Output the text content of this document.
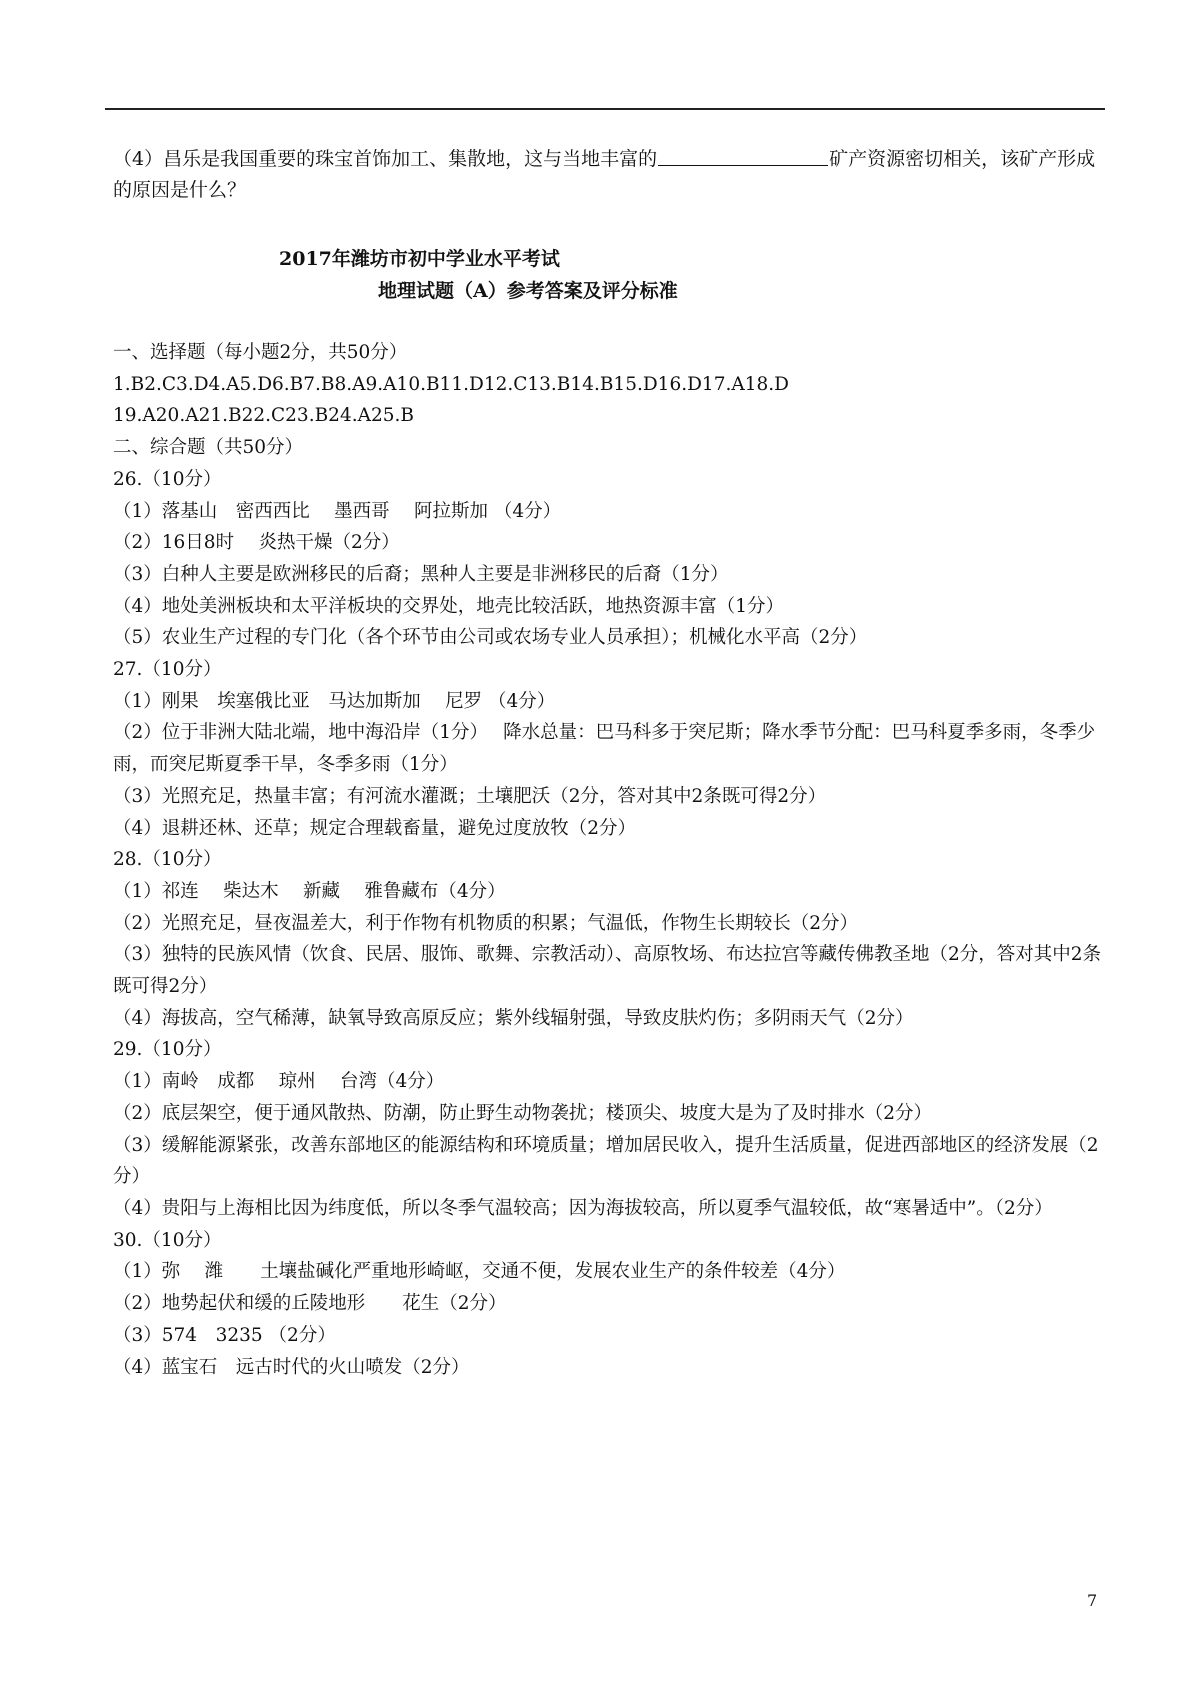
（4）昌乐是我国重要的珠宝首饰加工、集散地，这与当地丰富的	矿产资源密切相关，该矿产形成的原因是什么？
2017年潍坊市初中学业水平考试
地理试题（A）参考答案及评分标准
一、选择题（每小题2分，共50分）
1.B2.C3.D4.A5.D6.B7.B8.A9.A10.B11.D12.C13.B14.B15.D16.D17.A18.D
19.A20.A21.B22.C23.B24.A25.B
二、综合题（共50分）
26.（10分）
（1）落基山　密西西比　 墨西哥　 阿拉斯加 （4分）
（2）16日8时　 炎热干燥（2分）
（3）白种人主要是欧洲移民的后裔；黑种人主要是非洲移民的后裔（1分）
（4）地处美洲板块和太平洋板块的交界处，地壳比较活跃，地热资源丰富（1分）
（5）农业生产过程的专门化（各个环节由公司或农场专业人员承担）；机械化水平高（2分）
27.（10分）
（1）刚果　埃塞俄比亚　马达加斯加　 尼罗 （4分）
（2）位于非洲大陆北端，地中海沿岸（1分）　 降水总量：巴马科多于突尼斯；降水季节分配：巴马科夏季多雨，冬季少雨，而突尼斯夏季干旱，冬季多雨（1分）
（3）光照充足，热量丰富；有河流水灌溉；土壤肥沃（2分，答对其中2条既可得2分）
（4）退耕还林、还草；规定合理载畜量，避免过度放牧（2分）
28.（10分）
（1）祁连　 柴达木　 新藏　 雅鲁藏布（4分）
（2）光照充足，昼夜温差大，利于作物有机物质的积累；气温低，作物生长期较长（2分）
（3）独特的民族风情（饮食、民居、服饰、歌舞、宗教活动）、高原牧场、布达拉宫等藏传佛教圣地（2分，答对其中2条既可得2分）
（4）海拔高，空气稀薄，缺氧导致高原反应；紫外线辐射强，导致皮肤灼伤；多阴雨天气（2分）
29.（10分）
（1）南岭　成都　 琼州　 台湾（4分）
（2）底层架空，便于通风散热、防潮，防止野生动物袭扰；楼顶尖、坡度大是为了及时排水（2分）
（3）缓解能源紧张，改善东部地区的能源结构和环境质量；增加居民收入，提升生活质量，促进西部地区的经济发展（2分）
（4）贵阳与上海相比因为纬度低，所以冬季气温较高；因为海拔较高，所以夏季气温较低，故“寒暑适中”。（2分）
30.（10分）
（1）弥　 潍　　土壤盐碱化严重地形崎岖，交通不便，发展农业生产的条件较差（4分）
（2）地势起伏和缓的丘陵地形　　花生（2分）
（3）574　3235 （2分）
（4）蓝宝石　远古时代的火山喷发（2分）
7
